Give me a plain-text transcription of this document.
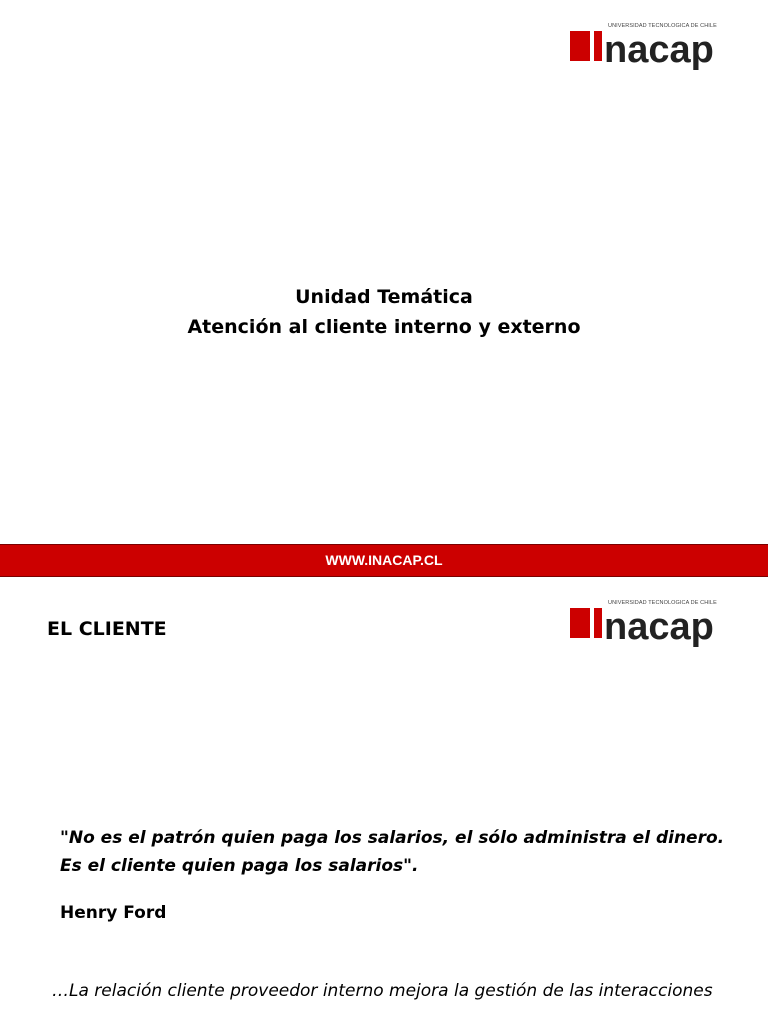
UNIVERSIDAD TECNOLOGICA DE CHILE
nacap
Unidad Temática
Atención al cliente interno y externo
WWW.INACAP.CL
UNIVERSIDAD TECNOLOGICA DE CHILE
nacap
EL CLIENTE
"No es el patrón quien paga los salarios, el sólo administra el dinero. Es el cliente quien paga los salarios".
Henry Ford
…La relación cliente proveedor interno mejora la gestión de las interacciones
